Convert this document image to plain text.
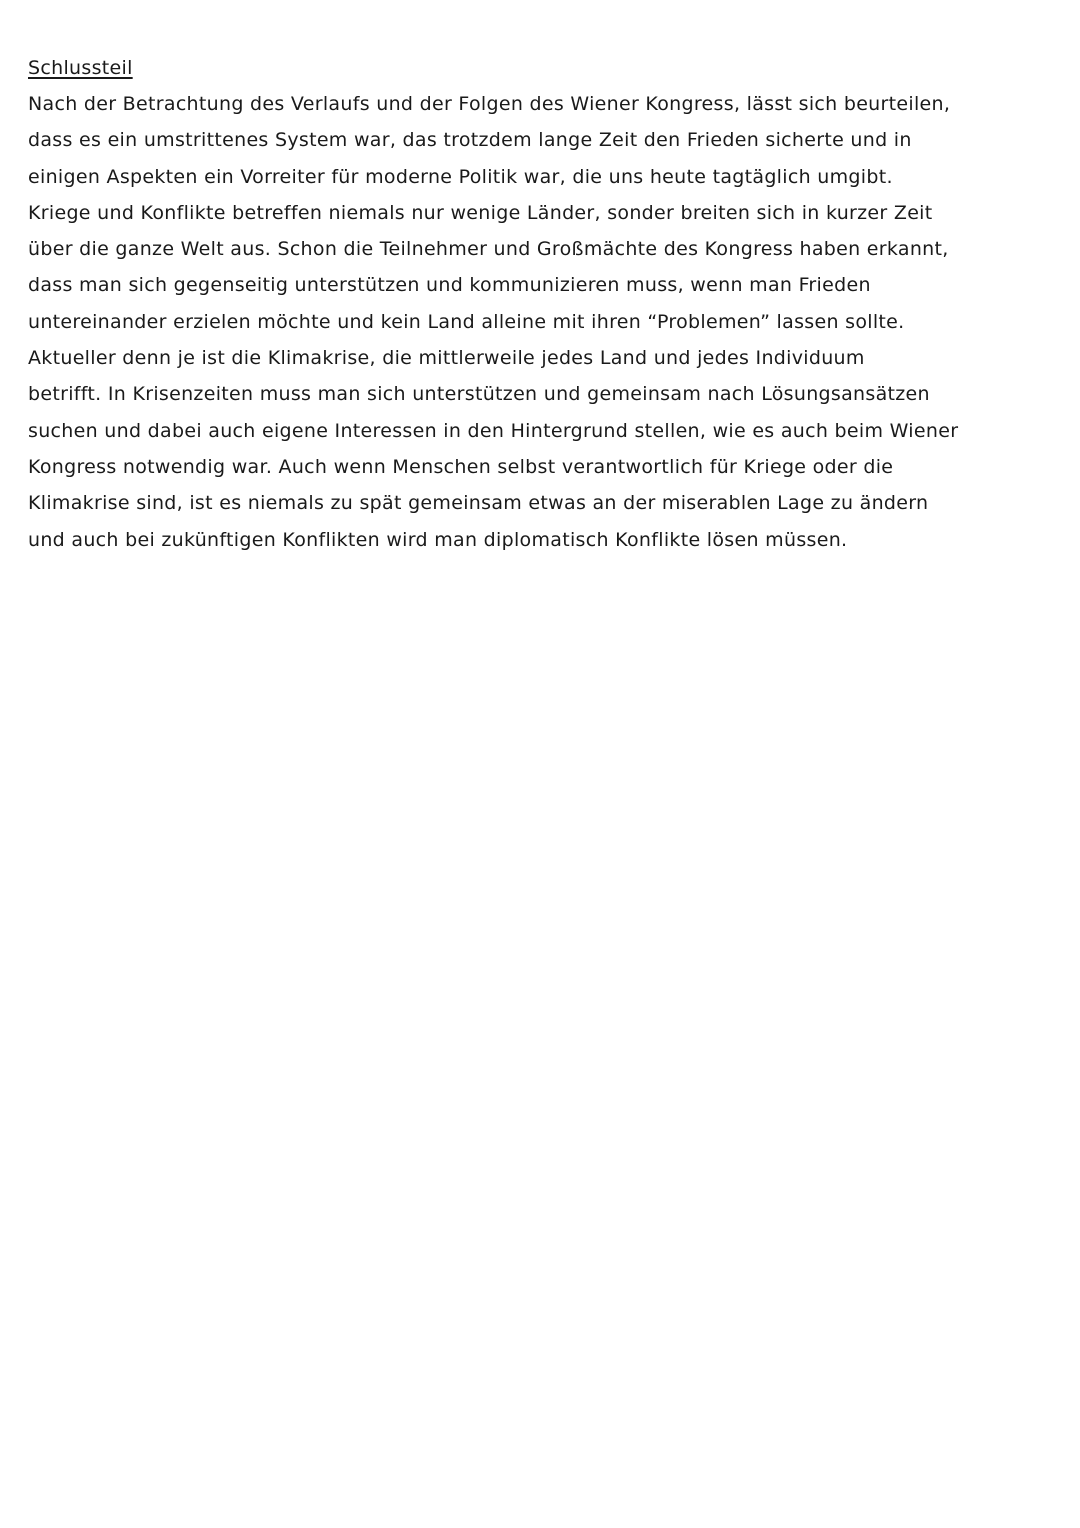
Schlussteil
Nach der Betrachtung des Verlaufs und der Folgen des Wiener Kongress, lässt sich beurteilen,
dass es ein umstrittenes System war, das trotzdem lange Zeit den Frieden sicherte und in
einigen Aspekten ein Vorreiter für moderne Politik war, die uns heute tagtäglich umgibt.
Kriege und Konflikte betreffen niemals nur wenige Länder, sonder breiten sich in kurzer Zeit
über die ganze Welt aus. Schon die Teilnehmer und Großmächte des Kongress haben erkannt,
dass man sich gegenseitig unterstützen und kommunizieren muss, wenn man Frieden
untereinander erzielen möchte und kein Land alleine mit ihren “Problemen” lassen sollte.
Aktueller denn je ist die Klimakrise, die mittlerweile jedes Land und jedes Individuum
betrifft. In Krisenzeiten muss man sich unterstützen und gemeinsam nach Lösungsansätzen
suchen und dabei auch eigene Interessen in den Hintergrund stellen, wie es auch beim Wiener
Kongress notwendig war. Auch wenn Menschen selbst verantwortlich für Kriege oder die
Klimakrise sind, ist es niemals zu spät gemeinsam etwas an der miserablen Lage zu ändern
und auch bei zukünftigen Konflikten wird man diplomatisch Konflikte lösen müssen.
